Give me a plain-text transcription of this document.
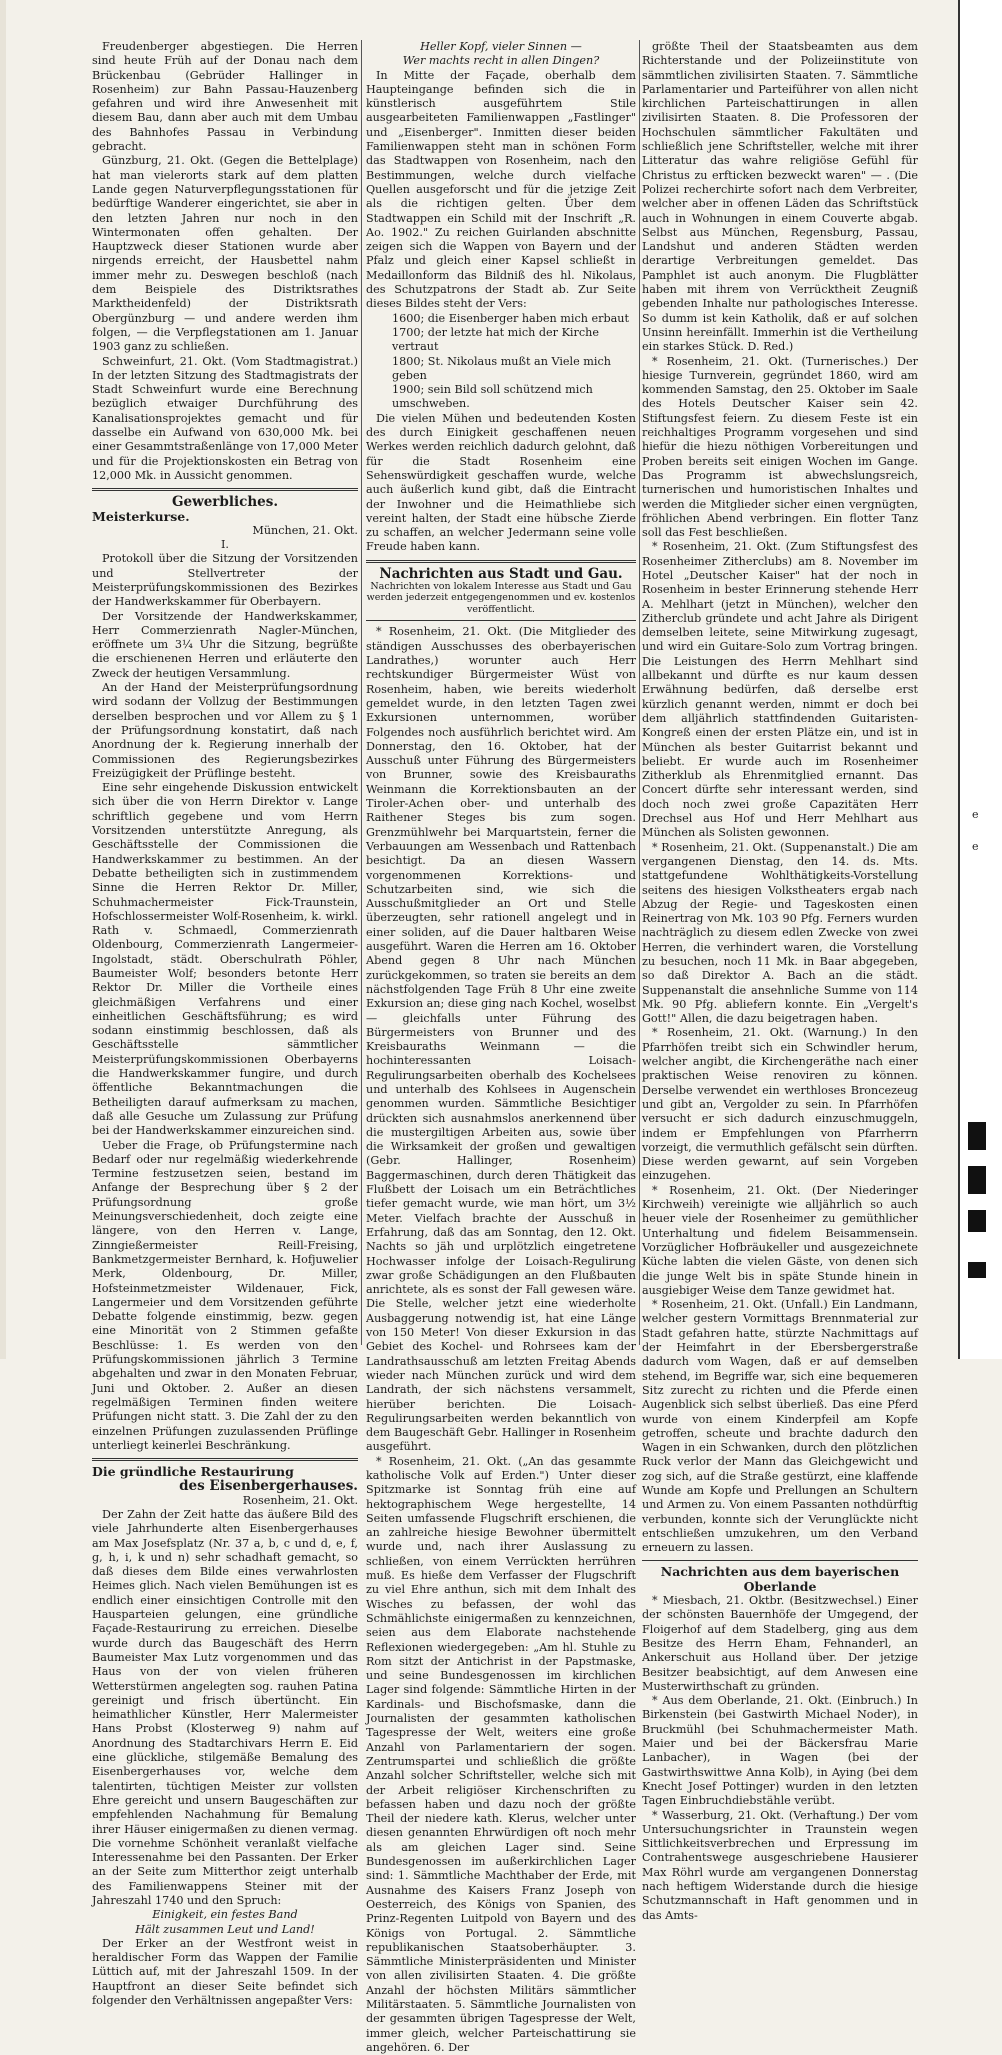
Freudenberger abgestiegen. Die Herren sind heute Früh auf der Donau nach dem Brückenbau (Gebrüder Hallinger in Rosenheim) zur Bahn Passau-Hauzenberg gefahren und wird ihre Anwesenheit mit diesem Bau, dann aber auch mit dem Umbau des Bahnhofes Passau in Verbindung gebracht.

Günzburg, 21. Okt. (Gegen die Bettelplage) hat man vielerorts stark auf dem platten Lande gegen Naturverpflegungsstationen für bedürftige Wanderer eingerichtet, sie aber in den letzten Jahren nur noch in den Wintermonaten offen gehalten. Der Hauptzweck dieser Stationen wurde aber nirgends erreicht, der Hausbettel nahm immer mehr zu. Deswegen beschloß (nach dem Beispiele des Distriktsrathes Marktheidenfeld) der Distriktsrath Obergünzburg — und andere werden ihm folgen, — die Verpflegstationen am 1. Januar 1903 ganz zu schließen.

Schweinfurt, 21. Okt. (Vom Stadtmagistrat.) In der letzten Sitzung des Stadtmagistrats der Stadt Schweinfurt wurde eine Berechnung bezüglich etwaiger Durchführung des Kanalisationsprojektes gemacht und für dasselbe ein Aufwand von 630,000 Mk. bei einer Gesammtstraßenlänge von 17,000 Meter und für die Projektionskosten ein Betrag von 12,000 Mk. in Aussicht genommen.

Gewerbliches.

Meisterkurse.

München, 21. Okt.

I.

Protokoll über die Sitzung der Vorsitzenden und Stellvertreter der Meisterprüfungskommissionen des Bezirkes der Handwerkskammer für Oberbayern.

Der Vorsitzende der Handwerkskammer, Herr Commerzienrath Nagler-München, eröffnete um 3¼ Uhr die Sitzung, begrüßte die erschienenen Herren und erläuterte den Zweck der heutigen Versammlung.

An der Hand der Meisterprüfungsordnung wird sodann der Vollzug der Bestimmungen derselben besprochen und vor Allem zu § 1 der Prüfungsordnung konstatirt, daß nach Anordnung der k. Regierung innerhalb der Commissionen des Regierungsbezirkes Freizügigkeit der Prüflinge besteht.

Eine sehr eingehende Diskussion entwickelt sich über die von Herrn Direktor v. Lange schriftlich gegebene und vom Herrn Vorsitzenden unterstützte Anregung, als Geschäftsstelle der Commissionen die Handwerkskammer zu bestimmen. An der Debatte betheiligten sich in zustimmendem Sinne die Herren Rektor Dr. Miller, Schuhmachermeister Fick-Traunstein, Hofschlossermeister Wolf-Rosenheim, k. wirkl. Rath v. Schmaedl, Commerzienrath Oldenbourg, Commerzienrath Langermeier-Ingolstadt, städt. Oberschulrath Pöhler, Baumeister Wolf; besonders betonte Herr Rektor Dr. Miller die Vortheile eines gleichmäßigen Verfahrens und einer einheitlichen Geschäftsführung; es wird sodann einstimmig beschlossen, daß als Geschäftsstelle sämmtlicher Meisterprüfungskommissionen Oberbayerns die Handwerkskammer fungire, und durch öffentliche Bekanntmachungen die Betheiligten darauf aufmerksam zu machen, daß alle Gesuche um Zulassung zur Prüfung bei der Handwerkskammer einzureichen sind.

Ueber die Frage, ob Prüfungstermine nach Bedarf oder nur regelmäßig wiederkehrende Termine festzusetzen seien, bestand im Anfange der Besprechung über § 2 der Prüfungsordnung große Meinungsverschiedenheit, doch zeigte eine längere, von den Herren v. Lange, Zinngießermeister Reill-Freising, Bankmetzgermeister Bernhard, k. Hofjuwelier Merk, Oldenbourg, Dr. Miller, Hofsteinmetzmeister Wildenauer, Fick, Langermeier und dem Vorsitzenden geführte Debatte folgende einstimmig, bezw. gegen eine Minorität von 2 Stimmen gefaßte Beschlüsse: 1. Es werden von den Prüfungskommissionen jährlich 3 Termine abgehalten und zwar in den Monaten Februar, Juni und Oktober. 2. Außer an diesen regelmäßigen Terminen finden weitere Prüfungen nicht statt. 3. Die Zahl der zu den einzelnen Prüfungen zuzulassenden Prüflinge unterliegt keinerlei Beschränkung.

Die gründliche Restaurirung

des Eisenbergerhauses.

Rosenheim, 21. Okt.

Der Zahn der Zeit hatte das äußere Bild des viele Jahrhunderte alten Eisenbergerhauses am Max Josefsplatz (Nr. 37 a, b, c und d, e, f, g, h, i, k und n) sehr schadhaft gemacht, so daß dieses dem Bilde eines verwahrlosten Heimes glich. Nach vielen Bemühungen ist es endlich einer einsichtigen Controlle mit den Hausparteien gelungen, eine gründliche Façade-Restaurirung zu erreichen. Dieselbe wurde durch das Baugeschäft des Herrn Baumeister Max Lutz vorgenommen und das Haus von der von vielen früheren Wetterstürmen angelegten sog. rauhen Patina gereinigt und frisch übertüncht. Ein heimathlicher Künstler, Herr Malermeister Hans Probst (Klosterweg 9) nahm auf Anordnung des Stadtarchivars Herrn E. Eid eine glückliche, stilgemäße Bemalung des Eisenbergerhauses vor, welche dem talentirten, tüchtigen Meister zur vollsten Ehre gereicht und unsern Baugeschäften zur empfehlenden Nachahmung für Bemalung ihrer Häuser einigermaßen zu dienen vermag. Die vornehme Schönheit veranlaßt vielfache Interessenahme bei den Passanten. Der Erker an der Seite zum Mitterthor zeigt unterhalb des Familienwappens Steiner mit der Jahreszahl 1740 und den Spruch:

Einigkeit, ein festes Band

Hält zusammen Leut und Land!

Der Erker an der Westfront weist in heraldischer Form das Wappen der Familie Lüttich auf, mit der Jahreszahl 1509. In der Hauptfront an dieser Seite befindet sich folgender den Verhältnissen angepaßter Vers:

Heller Kopf, vieler Sinnen —

Wer machts recht in allen Dingen?

In Mitte der Façade, oberhalb dem Haupteingange befinden sich die in künstlerisch ausgeführtem Stile ausgearbeiteten Familienwappen „Fastlinger" und „Eisenberger". Inmitten dieser beiden Familienwappen steht man in schönen Form das Stadtwappen von Rosenheim, nach den Bestimmungen, welche durch vielfache Quellen ausgeforscht und für die jetzige Zeit als die richtigen gelten. Über dem Stadtwappen ein Schild mit der Inschrift „R. Ao. 1902." Zu reichen Guirlanden abschnitte zeigen sich die Wappen von Bayern und der Pfalz und gleich einer Kapsel schließt in Medaillonform das Bildniß des hl. Nikolaus, des Schutzpatrons der Stadt ab. Zur Seite dieses Bildes steht der Vers:

1600; die Eisenberger haben mich erbaut

1700; der letzte hat mich der Kirche vertraut

1800; St. Nikolaus mußt an Viele mich geben

1900; sein Bild soll schützend mich umschweben.

Die vielen Mühen und bedeutenden Kosten des durch Einigkeit geschaffenen neuen Werkes werden reichlich dadurch gelohnt, daß für die Stadt Rosenheim eine Sehenswürdigkeit geschaffen wurde, welche auch äußerlich kund gibt, daß die Eintracht der Inwohner und die Heimathliebe sich vereint halten, der Stadt eine hübsche Zierde zu schaffen, an welcher Jedermann seine volle Freude haben kann.

Nachrichten aus Stadt und Gau.

Nachrichten von lokalem Interesse aus Stadt und Gau werden jederzeit entgegengenommen und ev. kostenlos veröffentlicht.

* Rosenheim, 21. Okt. (Die Mitglieder des ständigen Ausschusses des oberbayerischen Landrathes,) worunter auch Herr rechtskundiger Bürgermeister Wüst von Rosenheim, haben, wie bereits wiederholt gemeldet wurde, in den letzten Tagen zwei Exkursionen unternommen, worüber Folgendes noch ausführlich berichtet wird. Am Donnerstag, den 16. Oktober, hat der Ausschuß unter Führung des Bürgermeisters von Brunner, sowie des Kreisbauraths Weinmann die Korrektionsbauten an der Tiroler-Achen ober- und unterhalb des Raithener Steges bis zum sogen. Grenzmühlwehr bei Marquartstein, ferner die Verbauungen am Wessenbach und Rattenbach besichtigt. Da an diesen Wassern vorgenommenen Korrektions- und Schutzarbeiten sind, wie sich die Ausschußmitglieder an Ort und Stelle überzeugten, sehr rationell angelegt und in einer soliden, auf die Dauer haltbaren Weise ausgeführt. Waren die Herren am 16. Oktober Abend gegen 8 Uhr nach München zurückgekommen, so traten sie bereits an dem nächstfolgenden Tage Früh 8 Uhr eine zweite Exkursion an; diese ging nach Kochel, woselbst — gleichfalls unter Führung des Bürgermeisters von Brunner und des Kreisbauraths Weinmann — die hochinteressanten Loisach-Regulirungsarbeiten oberhalb des Kochelsees und unterhalb des Kohlsees in Augenschein genommen wurden. Sämmtliche Besichtiger drückten sich ausnahmslos anerkennend über die mustergiltigen Arbeiten aus, sowie über die Wirksamkeit der großen und gewaltigen (Gebr. Hallinger, Rosenheim) Baggermaschinen, durch deren Thätigkeit das Flußbett der Loisach um ein Beträchtliches tiefer gemacht wurde, wie man hört, um 3½ Meter. Vielfach brachte der Ausschuß in Erfahrung, daß das am Sonntag, den 12. Okt. Nachts so jäh und urplötzlich eingetretene Hochwasser infolge der Loisach-Regulirung zwar große Schädigungen an den Flußbauten anrichtete, als es sonst der Fall gewesen wäre. Die Stelle, welcher jetzt eine wiederholte Ausbaggerung notwendig ist, hat eine Länge von 150 Meter! Von dieser Exkursion in das Gebiet des Kochel- und Rohrsees kam der Landrathsausschuß am letzten Freitag Abends wieder nach München zurück und wird dem Landrath, der sich nächstens versammelt, hierüber berichten. Die Loisach-Regulirungsarbeiten werden bekanntlich von dem Baugeschäft Gebr. Hallinger in Rosenheim ausgeführt.

* Rosenheim, 21. Okt. („An das gesammte katholische Volk auf Erden.") Unter dieser Spitzmarke ist Sonntag früh eine auf hektographischem Wege hergestellte, 14 Seiten umfassende Flugschrift erschienen, die an zahlreiche hiesige Bewohner übermittelt wurde und, nach ihrer Auslassung zu schließen, von einem Verrückten herrühren muß. Es hieße dem Verfasser der Flugschrift zu viel Ehre anthun, sich mit dem Inhalt des Wisches zu befassen, der wohl das Schmählichste einigermaßen zu kennzeichnen, seien aus dem Elaborate nachstehende Reflexionen wiedergegeben: „Am hl. Stuhle zu Rom sitzt der Antichrist in der Papstmaske, und seine Bundesgenossen im kirchlichen Lager sind folgende: Sämmtliche Hirten in der Kardinals- und Bischofsmaske, dann die Journalisten der gesammten katholischen Tagespresse der Welt, weiters eine große Anzahl von Parlamentariern der sogen. Zentrumspartei und schließlich die größte Anzahl solcher Schriftsteller, welche sich mit der Arbeit religiöser Kirchenschriften zu befassen haben und dazu noch der größte Theil der niedere kath. Klerus, welcher unter diesen genannten Ehrwürdigen oft noch mehr als am gleichen Lager sind. Seine Bundesgenossen im außerkirchlichen Lager sind: 1. Sämmtliche Machthaber der Erde, mit Ausnahme des Kaisers Franz Joseph von Oesterreich, des Königs von Spanien, des Prinz-Regenten Luitpold von Bayern und des Königs von Portugal. 2. Sämmtliche republikanischen Staatsoberhäupter. 3. Sämmtliche Ministerpräsidenten und Minister von allen zivilisirten Staaten. 4. Die größte Anzahl der höchsten Militärs sämmtlicher Militärstaaten. 5. Sämmtliche Journalisten von der gesammten übrigen Tagespresse der Welt, immer gleich, welcher Parteischattirung sie angehören. 6. Der

größte Theil der Staatsbeamten aus dem Richterstande und der Polizeiinstitute von sämmtlichen zivilisirten Staaten. 7. Sämmtliche Parlamentarier und Parteiführer von allen nicht kirchlichen Parteischattirungen in allen zivilisirten Staaten. 8. Die Professoren der Hochschulen sämmtlicher Fakultäten und schließlich jene Schriftsteller, welche mit ihrer Litteratur das wahre religiöse Gefühl für Christus zu erfticken bezweckt waren" — . (Die Polizei recherchirte sofort nach dem Verbreiter, welcher aber in offenen Läden das Schriftstück auch in Wohnungen in einem Couverte abgab. Selbst aus München, Regensburg, Passau, Landshut und anderen Städten werden derartige Verbreitungen gemeldet. Das Pamphlet ist auch anonym. Die Flugblätter haben mit ihrem von Verrücktheit Zeugniß gebenden Inhalte nur pathologisches Interesse. So dumm ist kein Katholik, daß er auf solchen Unsinn hereinfällt. Immerhin ist die Vertheilung ein starkes Stück. D. Red.)

* Rosenheim, 21. Okt. (Turnerisches.) Der hiesige Turnverein, gegründet 1860, wird am kommenden Samstag, den 25. Oktober im Saale des Hotels Deutscher Kaiser sein 42. Stiftungsfest feiern. Zu diesem Feste ist ein reichhaltiges Programm vorgesehen und sind hiefür die hiezu nöthigen Vorbereitungen und Proben bereits seit einigen Wochen im Gange. Das Programm ist abwechslungsreich, turnerischen und humoristischen Inhaltes und werden die Mitglieder sicher einen vergnügten, fröhlichen Abend verbringen. Ein flotter Tanz soll das Fest beschließen.

* Rosenheim, 21. Okt. (Zum Stiftungsfest des Rosenheimer Zitherclubs) am 8. November im Hotel „Deutscher Kaiser" hat der noch in Rosenheim in bester Erinnerung stehende Herr A. Mehlhart (jetzt in München), welcher den Zitherclub gründete und acht Jahre als Dirigent demselben leitete, seine Mitwirkung zugesagt, und wird ein Guitare-Solo zum Vortrag bringen. Die Leistungen des Herrn Mehlhart sind allbekannt und dürfte es nur kaum dessen Erwähnung bedürfen, daß derselbe erst kürzlich genannt werden, nimmt er doch bei dem alljährlich stattfindenden Guitaristen-Kongreß einen der ersten Plätze ein, und ist in München als bester Guitarrist bekannt und beliebt. Er wurde auch im Rosenheimer Zitherklub als Ehrenmitglied ernannt. Das Concert dürfte sehr interessant werden, sind doch noch zwei große Capazitäten Herr Drechsel aus Hof und Herr Mehlhart aus München als Solisten gewonnen.

* Rosenheim, 21. Okt. (Suppenanstalt.) Die am vergangenen Dienstag, den 14. ds. Mts. stattgefundene Wohlthätigkeits-Vorstellung seitens des hiesigen Volkstheaters ergab nach Abzug der Regie- und Tageskosten einen Reinertrag von Mk. 103 90 Pfg. Ferners wurden nachträglich zu diesem edlen Zwecke von zwei Herren, die verhindert waren, die Vorstellung zu besuchen, noch 11 Mk. in Baar abgegeben, so daß Direktor A. Bach an die städt. Suppenanstalt die ansehnliche Summe von 114 Mk. 90 Pfg. abliefern konnte. Ein „Vergelt's Gott!" Allen, die dazu beigetragen haben.

* Rosenheim, 21. Okt. (Warnung.) In den Pfarrhöfen treibt sich ein Schwindler herum, welcher angibt, die Kirchengeräthe nach einer praktischen Weise renoviren zu können. Derselbe verwendet ein werthloses Broncezeug und gibt an, Vergolder zu sein. In Pfarrhöfen versucht er sich dadurch einzuschmuggeln, indem er Empfehlungen von Pfarrherrn vorzeigt, die vermuthlich gefälscht sein dürften. Diese werden gewarnt, auf sein Vorgeben einzugehen.

* Rosenheim, 21. Okt. (Der Niederinger Kirchweih) vereinigte wie alljährlich so auch heuer viele der Rosenheimer zu gemüthlicher Unterhaltung und fidelem Beisammensein. Vorzüglicher Hofbräukeller und ausgezeichnete Küche labten die vielen Gäste, von denen sich die junge Welt bis in späte Stunde hinein in ausgiebiger Weise dem Tanze gewidmet hat.

* Rosenheim, 21. Okt. (Unfall.) Ein Landmann, welcher gestern Vormittags Brennmaterial zur Stadt gefahren hatte, stürzte Nachmittags auf der Heimfahrt in der Ebersbergerstraße dadurch vom Wagen, daß er auf demselben stehend, im Begriffe war, sich eine bequemeren Sitz zurecht zu richten und die Pferde einen Augenblick sich selbst überließ. Das eine Pferd wurde von einem Kinderpfeil am Kopfe getroffen, scheute und brachte dadurch den Wagen in ein Schwanken, durch den plötzlichen Ruck verlor der Mann das Gleichgewicht und zog sich, auf die Straße gestürzt, eine klaffende Wunde am Kopfe und Prellungen an Schultern und Armen zu. Von einem Passanten nothdürftig verbunden, konnte sich der Verunglückte nicht entschließen umzukehren, um den Verband erneuern zu lassen.

Nachrichten aus dem bayerischen Oberlande

* Miesbach, 21. Oktbr. (Besitzwechsel.) Einer der schönsten Bauernhöfe der Umgegend, der Floigerhof auf dem Stadelberg, ging aus dem Besitze des Herrn Eham, Fehnanderl, an Ankerschuit aus Holland über. Der jetzige Besitzer beabsichtigt, auf dem Anwesen eine Musterwirthschaft zu gründen.

* Aus dem Oberlande, 21. Okt. (Einbruch.) In Birkenstein (bei Gastwirth Michael Noder), in Bruckmühl (bei Schuhmachermeister Math. Maier und bei der Bäckersfrau Marie Lanbacher), in Wagen (bei der Gastwirthswittwe Anna Kolb), in Aying (bei dem Knecht Josef Pottinger) wurden in den letzten Tagen Einbruchdiebstähle verübt.

* Wasserburg, 21. Okt. (Verhaftung.) Der vom Untersuchungsrichter in Traunstein wegen Sittlichkeitsverbrechen und Erpressung im Contrahentswege ausgeschriebene Hausierer Max Röhrl wurde am vergangenen Donnerstag nach heftigem Widerstande durch die hiesige Schutzmannschaft in Haft genommen und in das Amts-

e
e
